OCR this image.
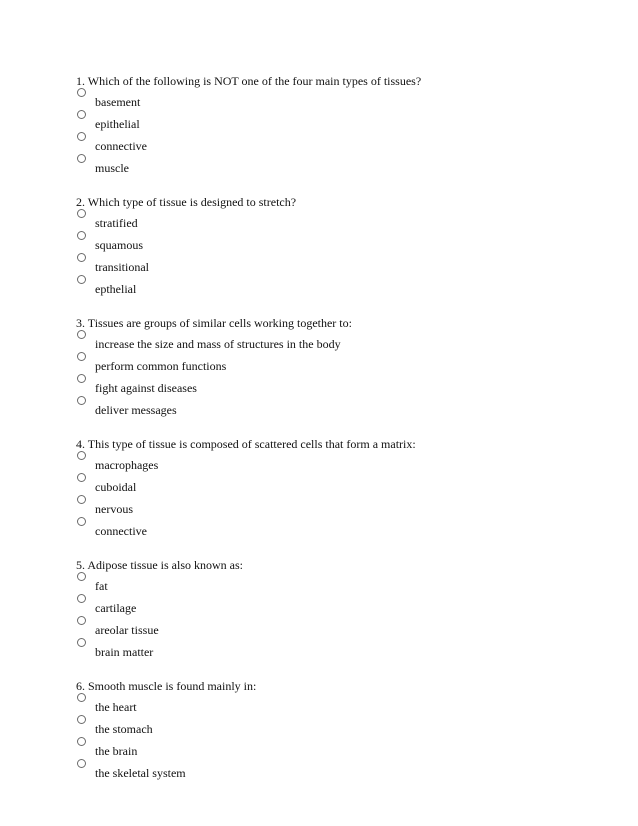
1. Which of the following is NOT one of the four main types of tissues?
basement
epithelial
connective
muscle
2. Which type of tissue is designed to stretch?
stratified
squamous
transitional
epthelial
3. Tissues are groups of similar cells working together to:
increase the size and mass of structures in the body
perform common functions
fight against diseases
deliver messages
4. This type of tissue is composed of scattered cells that form a matrix:
macrophages
cuboidal
nervous
connective
5. Adipose tissue is also known as:
fat
cartilage
areolar tissue
brain matter
6. Smooth muscle is found mainly in:
the heart
the stomach
the brain
the skeletal system
